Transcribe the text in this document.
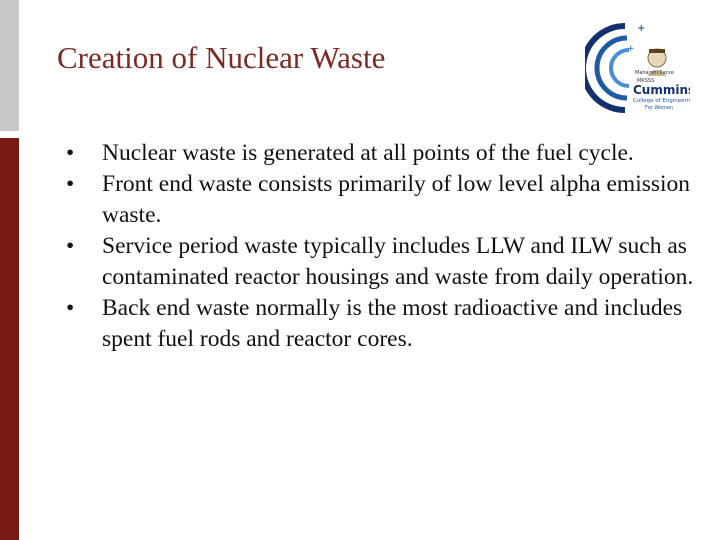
Creation of Nuclear Waste
+
+
Maharshi Karve
MKSSS
Cummins
College of Engineering
For Women
•	Nuclear waste is generated at all points of the fuel cycle.
•	Front end waste consists primarily of low level alpha emission waste.
•	Service period waste typically includes LLW and ILW such as contaminated reactor housings and waste from daily operation.
•	Back end waste normally is the most radioactive and includes spent fuel rods and reactor cores.
